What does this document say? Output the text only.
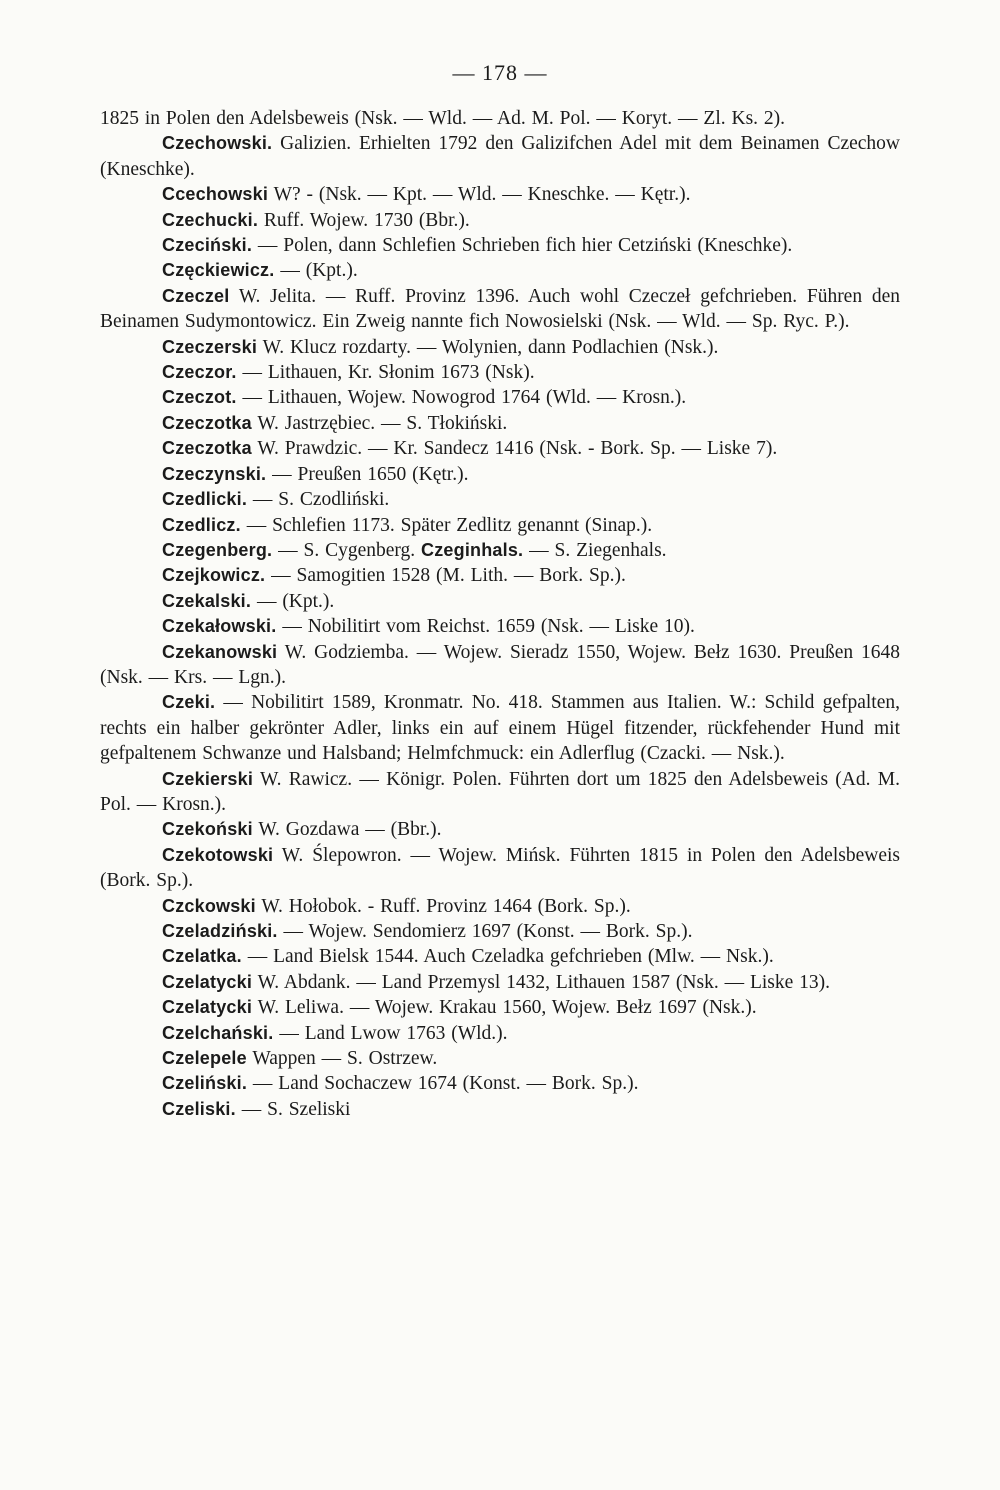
— 178 —

1825 in Polen den Adelsbeweis (Nsk. — Wld. — Ad. M. Pol. — Koryt. — Zl. Ks. 2).

Czechowski. Galizien. Erhielten 1792 den Galizifchen Adel mit dem Beinamen Czechow (Kneschke).

Ccechowski W? - (Nsk. — Kpt. — Wld. — Kneschke. — Kętr.).

Czechucki. Ruff. Wojew. 1730 (Bbr.).

Czeciński. — Polen, dann Schlefien Schrieben fich hier Cetziński (Kneschke).

Częckiewicz. — (Kpt.).

Czeczel W. Jelita. — Ruff. Provinz 1396. Auch wohl Czeczeł gefchrieben. Führen den Beinamen Sudymontowicz. Ein Zweig nannte fich Nowosielski (Nsk. — Wld. — Sp. Ryc. P.).

Czeczerski W. Klucz rozdarty. — Wolynien, dann Podlachien (Nsk.).

Czeczor. — Lithauen, Kr. Słonim 1673 (Nsk).

Czeczot. — Lithauen, Wojew. Nowogrod 1764 (Wld. — Krosn.).

Czeczotka W. Jastrzębiec. — S. Tłokiński.

Czeczotka W. Prawdzic. — Kr. Sandecz 1416 (Nsk. - Bork. Sp. — Liske 7).

Czeczynski. — Preußen 1650 (Kętr.).

Czedlicki. — S. Czodliński.

Czedlicz. — Schlefien 1173. Später Zedlitz genannt (Sinap.).

Czegenberg. — S. Cygenberg. Czeginhals. — S. Ziegenhals.

Czejkowicz. — Samogitien 1528 (M. Lith. — Bork. Sp.).

Czekalski. — (Kpt.).

Czekałowski. — Nobilitirt vom Reichst. 1659 (Nsk. — Liske 10).

Czekanowski W. Godziemba. — Wojew. Sieradz 1550, Wojew. Bełz 1630. Preußen 1648 (Nsk. — Krs. — Lgn.).

Czeki. — Nobilitirt 1589, Kronmatr. No. 418. Stammen aus Italien. W.: Schild gefpalten, rechts ein halber gekrönter Adler, links ein auf einem Hügel fitzender, rückfehender Hund mit gefpaltenem Schwanze und Halsband; Helmfchmuck: ein Adlerflug (Czacki. — Nsk.).

Czekierski W. Rawicz. — Königr. Polen. Führten dort um 1825 den Adelsbeweis (Ad. M. Pol. — Krosn.).

Czekoński W. Gozdawa — (Bbr.).

Czekotowski W. Ślepowron. — Wojew. Mińsk. Führten 1815 in Polen den Adelsbeweis (Bork. Sp.).

Czckowski W. Hołobok. - Ruff. Provinz 1464 (Bork. Sp.).

Czeladziński. — Wojew. Sendomierz 1697 (Konst. — Bork. Sp.).

Czelatka. — Land Bielsk 1544. Auch Czeladka gefchrieben (Mlw. — Nsk.).

Czelatycki W. Abdank. — Land Przemysl 1432, Lithauen 1587 (Nsk. — Liske 13).

Czelatycki W. Leliwa. — Wojew. Krakau 1560, Wojew. Bełz 1697 (Nsk.).

Czelchański. — Land Lwow 1763 (Wld.).

Czelepele Wappen — S. Ostrzew.

Czeliński. — Land Sochaczew 1674 (Konst. — Bork. Sp.).

Czeliski. — S. Szeliski
